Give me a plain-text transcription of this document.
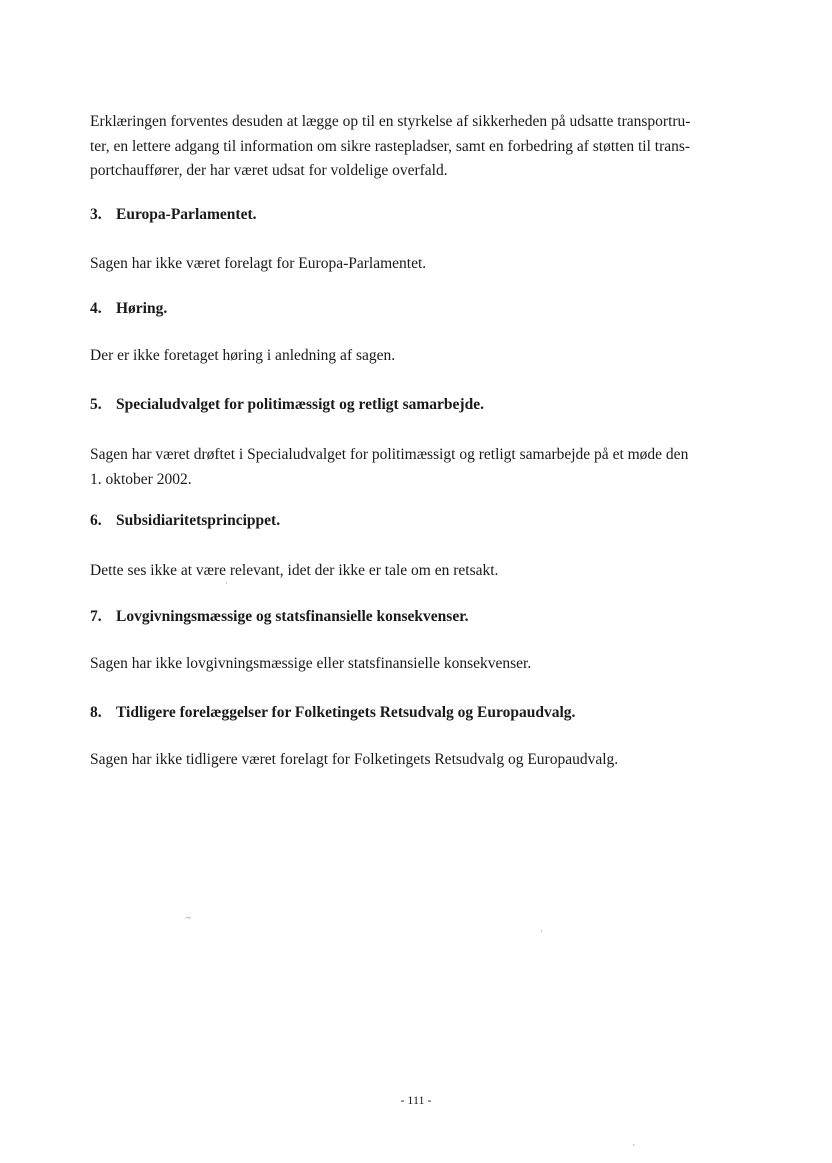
Erklæringen forventes desuden at lægge op til en styrkelse af sikkerheden på udsatte transportru-
ter, en lettere adgang til information om sikre rastepladser, samt en forbedring af støtten til trans-
portchauffører, der har været udsat for voldelige overfald.

3. Europa-Parlamentet.

Sagen har ikke været forelagt for Europa-Parlamentet.

4. Høring.

Der er ikke foretaget høring i anledning af sagen.

5. Specialudvalget for politimæssigt og retligt samarbejde.

Sagen har været drøftet i Specialudvalget for politimæssigt og retligt samarbejde på et møde den
1. oktober 2002.

6. Subsidiaritetsprincippet.

Dette ses ikke at være relevant, idet der ikke er tale om en retsakt.

7. Lovgivningsmæssige og statsfinansielle konsekvenser.

Sagen har ikke lovgivningsmæssige eller statsfinansielle konsekvenser.

8. Tidligere forelæggelser for Folketingets Retsudvalg og Europaudvalg.

Sagen har ikke tidligere været forelagt for Folketingets Retsudvalg og Europaudvalg.

·
~
·
´
- 111 -
